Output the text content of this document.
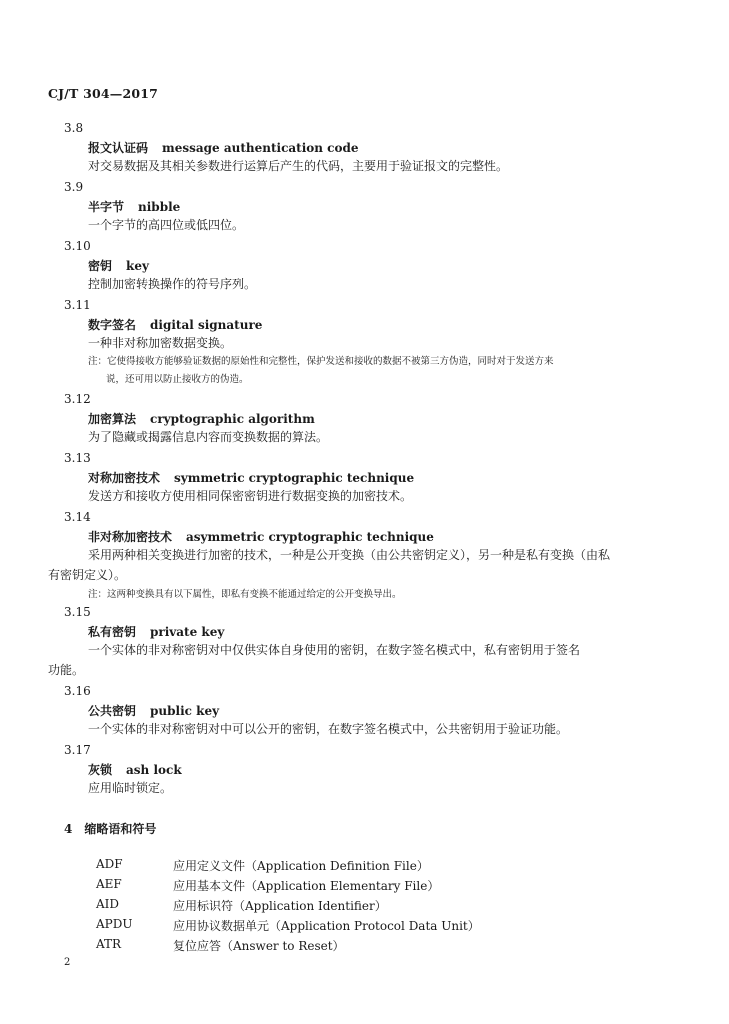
CJ/T 304—2017
3.8
报文认证码 message authentication code
对交易数据及其相关参数进行运算后产生的代码，主要用于验证报文的完整性。
3.9
半字节 nibble
一个字节的高四位或低四位。
3.10
密钥 key
控制加密转换操作的符号序列。
3.11
数字签名 digital signature
一种非对称加密数据变换。
注：它使得接收方能够验证数据的原始性和完整性，保护发送和接收的数据不被第三方伪造，同时对于发送方来
说，还可用以防止接收方的伪造。
3.12
加密算法 cryptographic algorithm
为了隐藏或揭露信息内容而变换数据的算法。
3.13
对称加密技术 symmetric cryptographic technique
发送方和接收方使用相同保密密钥进行数据变换的加密技术。
3.14
非对称加密技术 asymmetric cryptographic technique
采用两种相关变换进行加密的技术，一种是公开变换（由公共密钥定义），另一种是私有变换（由私
有密钥定义）。
注：这两种变换具有以下属性，即私有变换不能通过给定的公开变换导出。
3.15
私有密钥 private key
一个实体的非对称密钥对中仅供实体自身使用的密钥，在数字签名模式中，私有密钥用于签名
功能。
3.16
公共密钥 public key
一个实体的非对称密钥对中可以公开的密钥，在数字签名模式中，公共密钥用于验证功能。
3.17
灰锁 ash lock
应用临时锁定。
4 缩略语和符号
ADF	应用定义文件（Application Definition File）
AEF	应用基本文件（Application Elementary File）
AID	应用标识符（Application Identifier）
APDU	应用协议数据单元（Application Protocol Data Unit）
ATR	复位应答（Answer to Reset）
2
